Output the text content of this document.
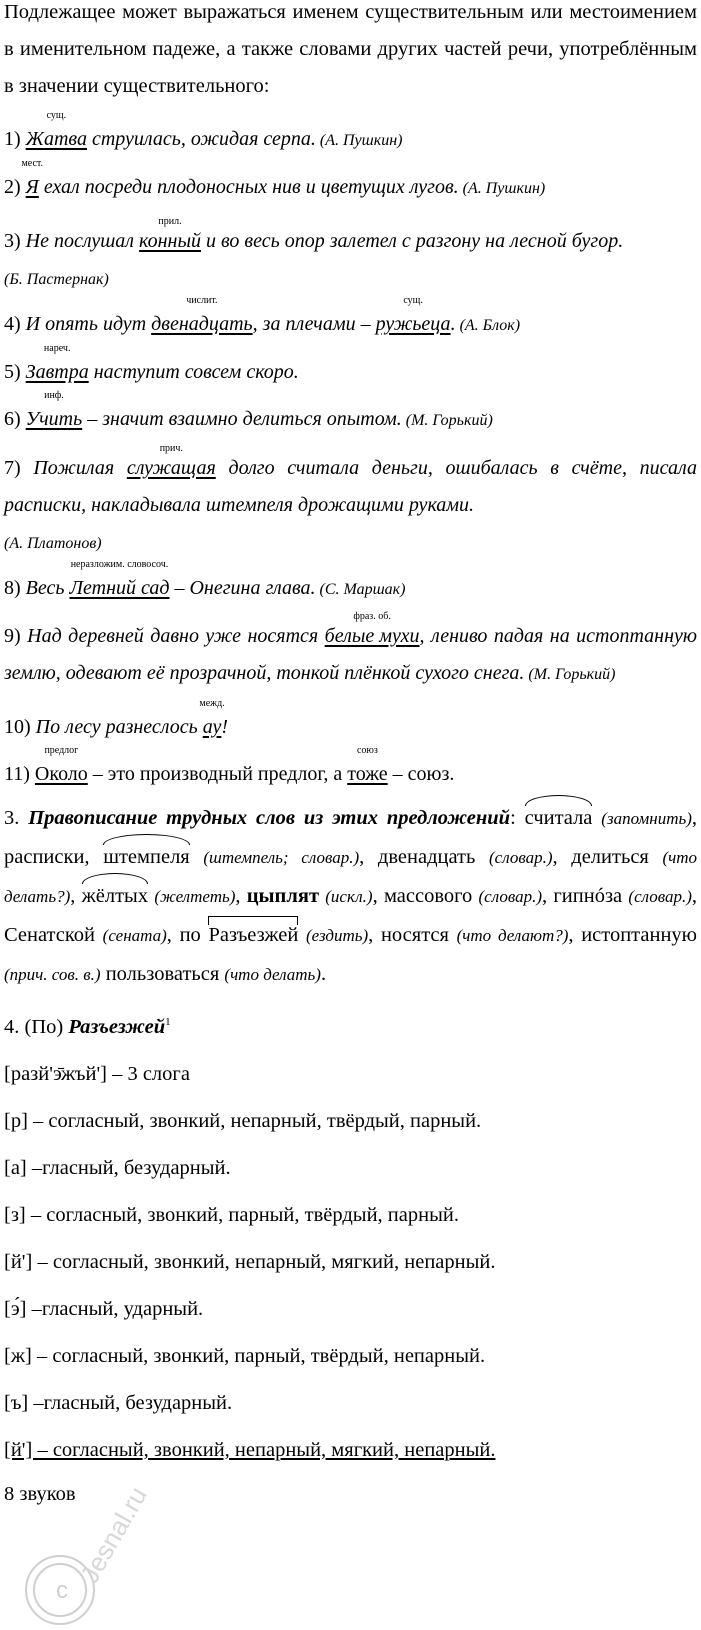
Подлежащее может выражаться именем существительным или местоимением в именительном падеже, а также словами других частей речи, употреблённым в значении существительного:

1)
сущ.
Жатва струилась, ожидая серпа. (А. Пушкин)

2)
мест.
Я ехал посреди плодоносных нив и цветущих лугов. (А. Пушкин)

3) Не послушал
прил.
конный и во весь опор залетел с разгону на лесной бугор.
(Б. Пастернак)

4) И опять идут
числит.
двенадцать, за плечами –
сущ.
ружьеца. (А. Блок)

5)
нареч.
Завтра наступит совсем скоро.

6)
инф.
Учить – значит взаимно делиться опытом. (М. Горький)

7) Пожилая
прич.
служащая долго считала деньги, ошибалась в счёте, писала расписки, накладывала штемпеля дрожащими руками.
(А. Платонов)

8) Весь
неразложим. словосоч.
Летний сад – Онегина глава. (С. Маршак)

9) Над деревней давно уже носятся
фраз. об.
белые мухи, лениво падая на истоптанную землю, одевают её прозрачной, тонкой плёнкой сухого снега. (М. Горький)

10) По лесу разнеслось
межд.
ау!

11)
предлог
Около – это производный предлог, а
союз
тоже – союз.

3. Правописание трудных слов из этих предложений: считала (запомнить), расписки, штемпеля (штемпель; словар.), двенадцать (словар.), делиться (что делать?), жёлтых (желтеть), цыплят (искл.), массового (словар.), гипнóза (словар.), Сенатской (сената), по Разъезжей (ездить), носятся (что делают?), истоптанную (прич. сов. в.) пользоваться (что делать).

4. (По) Разъезжей$^1$

[разй'э̄жъй'] – 3 слога

[р] – согласный, звонкий, непарный, твёрдый, парный.

[а] –гласный, безударный.

[з] – согласный, звонкий, парный, твёрдый, парный.

[й'] – согласный, звонкий, непарный, мягкий, непарный.

[э́] –гласный, ударный.

[ж] – согласный, звонкий, парный, твёрдый, непарный.

[ъ] –гласный, безударный.

[й'] – согласный, звонкий, непарный, мягкий, непарный.

8 звуков

c
Jesnal.ru
